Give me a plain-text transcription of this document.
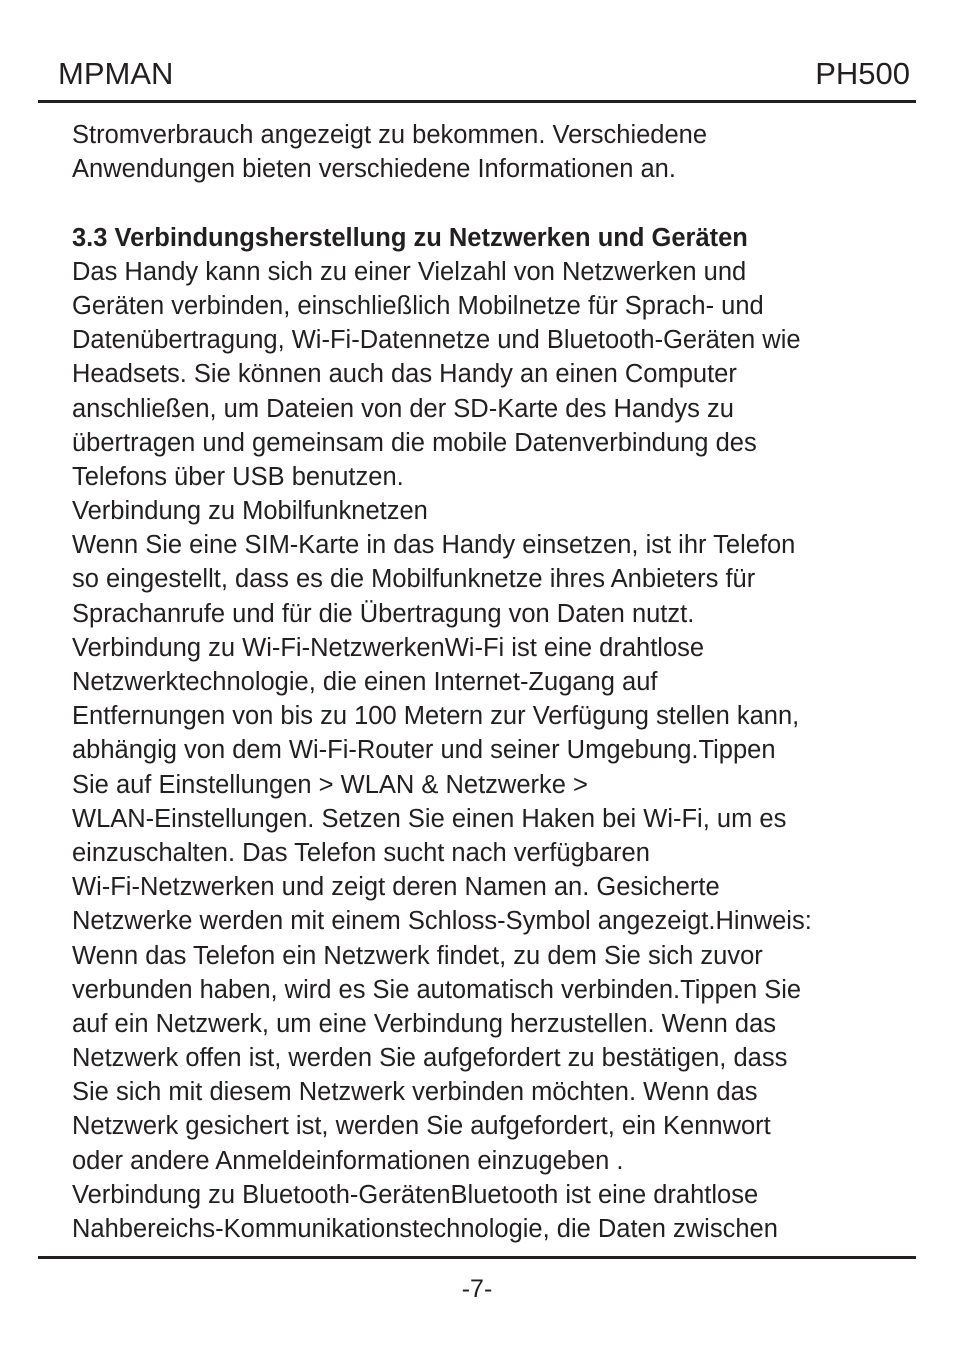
MPMAN	PH500
Stromverbrauch angezeigt zu bekommen. Verschiedene
Anwendungen bieten verschiedene Informationen an.
3.3 Verbindungsherstellung zu Netzwerken und Geräten
Das Handy kann sich zu einer Vielzahl von Netzwerken und
Geräten verbinden, einschließlich Mobilnetze für Sprach- und
Datenübertragung, Wi-Fi-Datennetze und Bluetooth-Geräten wie
Headsets. Sie können auch das Handy an einen Computer
anschließen, um Dateien von der SD-Karte des Handys zu
übertragen und gemeinsam die mobile Datenverbindung des
Telefons über USB benutzen.
Verbindung zu Mobilfunknetzen
Wenn Sie eine SIM-Karte in das Handy einsetzen, ist ihr Telefon
so eingestellt, dass es die Mobilfunknetze ihres Anbieters für
Sprachanrufe und für die Übertragung von Daten nutzt.
Verbindung zu Wi-Fi-NetzwerkenWi-Fi ist eine drahtlose
Netzwerktechnologie, die einen Internet-Zugang auf
Entfernungen von bis zu 100 Metern zur Verfügung stellen kann,
abhängig von dem Wi-Fi-Router und seiner Umgebung.Tippen
Sie auf Einstellungen > WLAN & Netzwerke >
WLAN-Einstellungen. Setzen Sie einen Haken bei Wi-Fi, um es
einzuschalten. Das Telefon sucht nach verfügbaren
Wi-Fi-Netzwerken und zeigt deren Namen an. Gesicherte
Netzwerke werden mit einem Schloss-Symbol angezeigt.Hinweis:
Wenn das Telefon ein Netzwerk findet, zu dem Sie sich zuvor
verbunden haben, wird es Sie automatisch verbinden.Tippen Sie
auf ein Netzwerk, um eine Verbindung herzustellen. Wenn das
Netzwerk offen ist, werden Sie aufgefordert zu bestätigen, dass
Sie sich mit diesem Netzwerk verbinden möchten. Wenn das
Netzwerk gesichert ist, werden Sie aufgefordert, ein Kennwort
oder andere Anmeldeinformationen einzugeben .
Verbindung zu Bluetooth-GerätenBluetooth ist eine drahtlose
Nahbereichs-Kommunikationstechnologie, die Daten zwischen
-7-
